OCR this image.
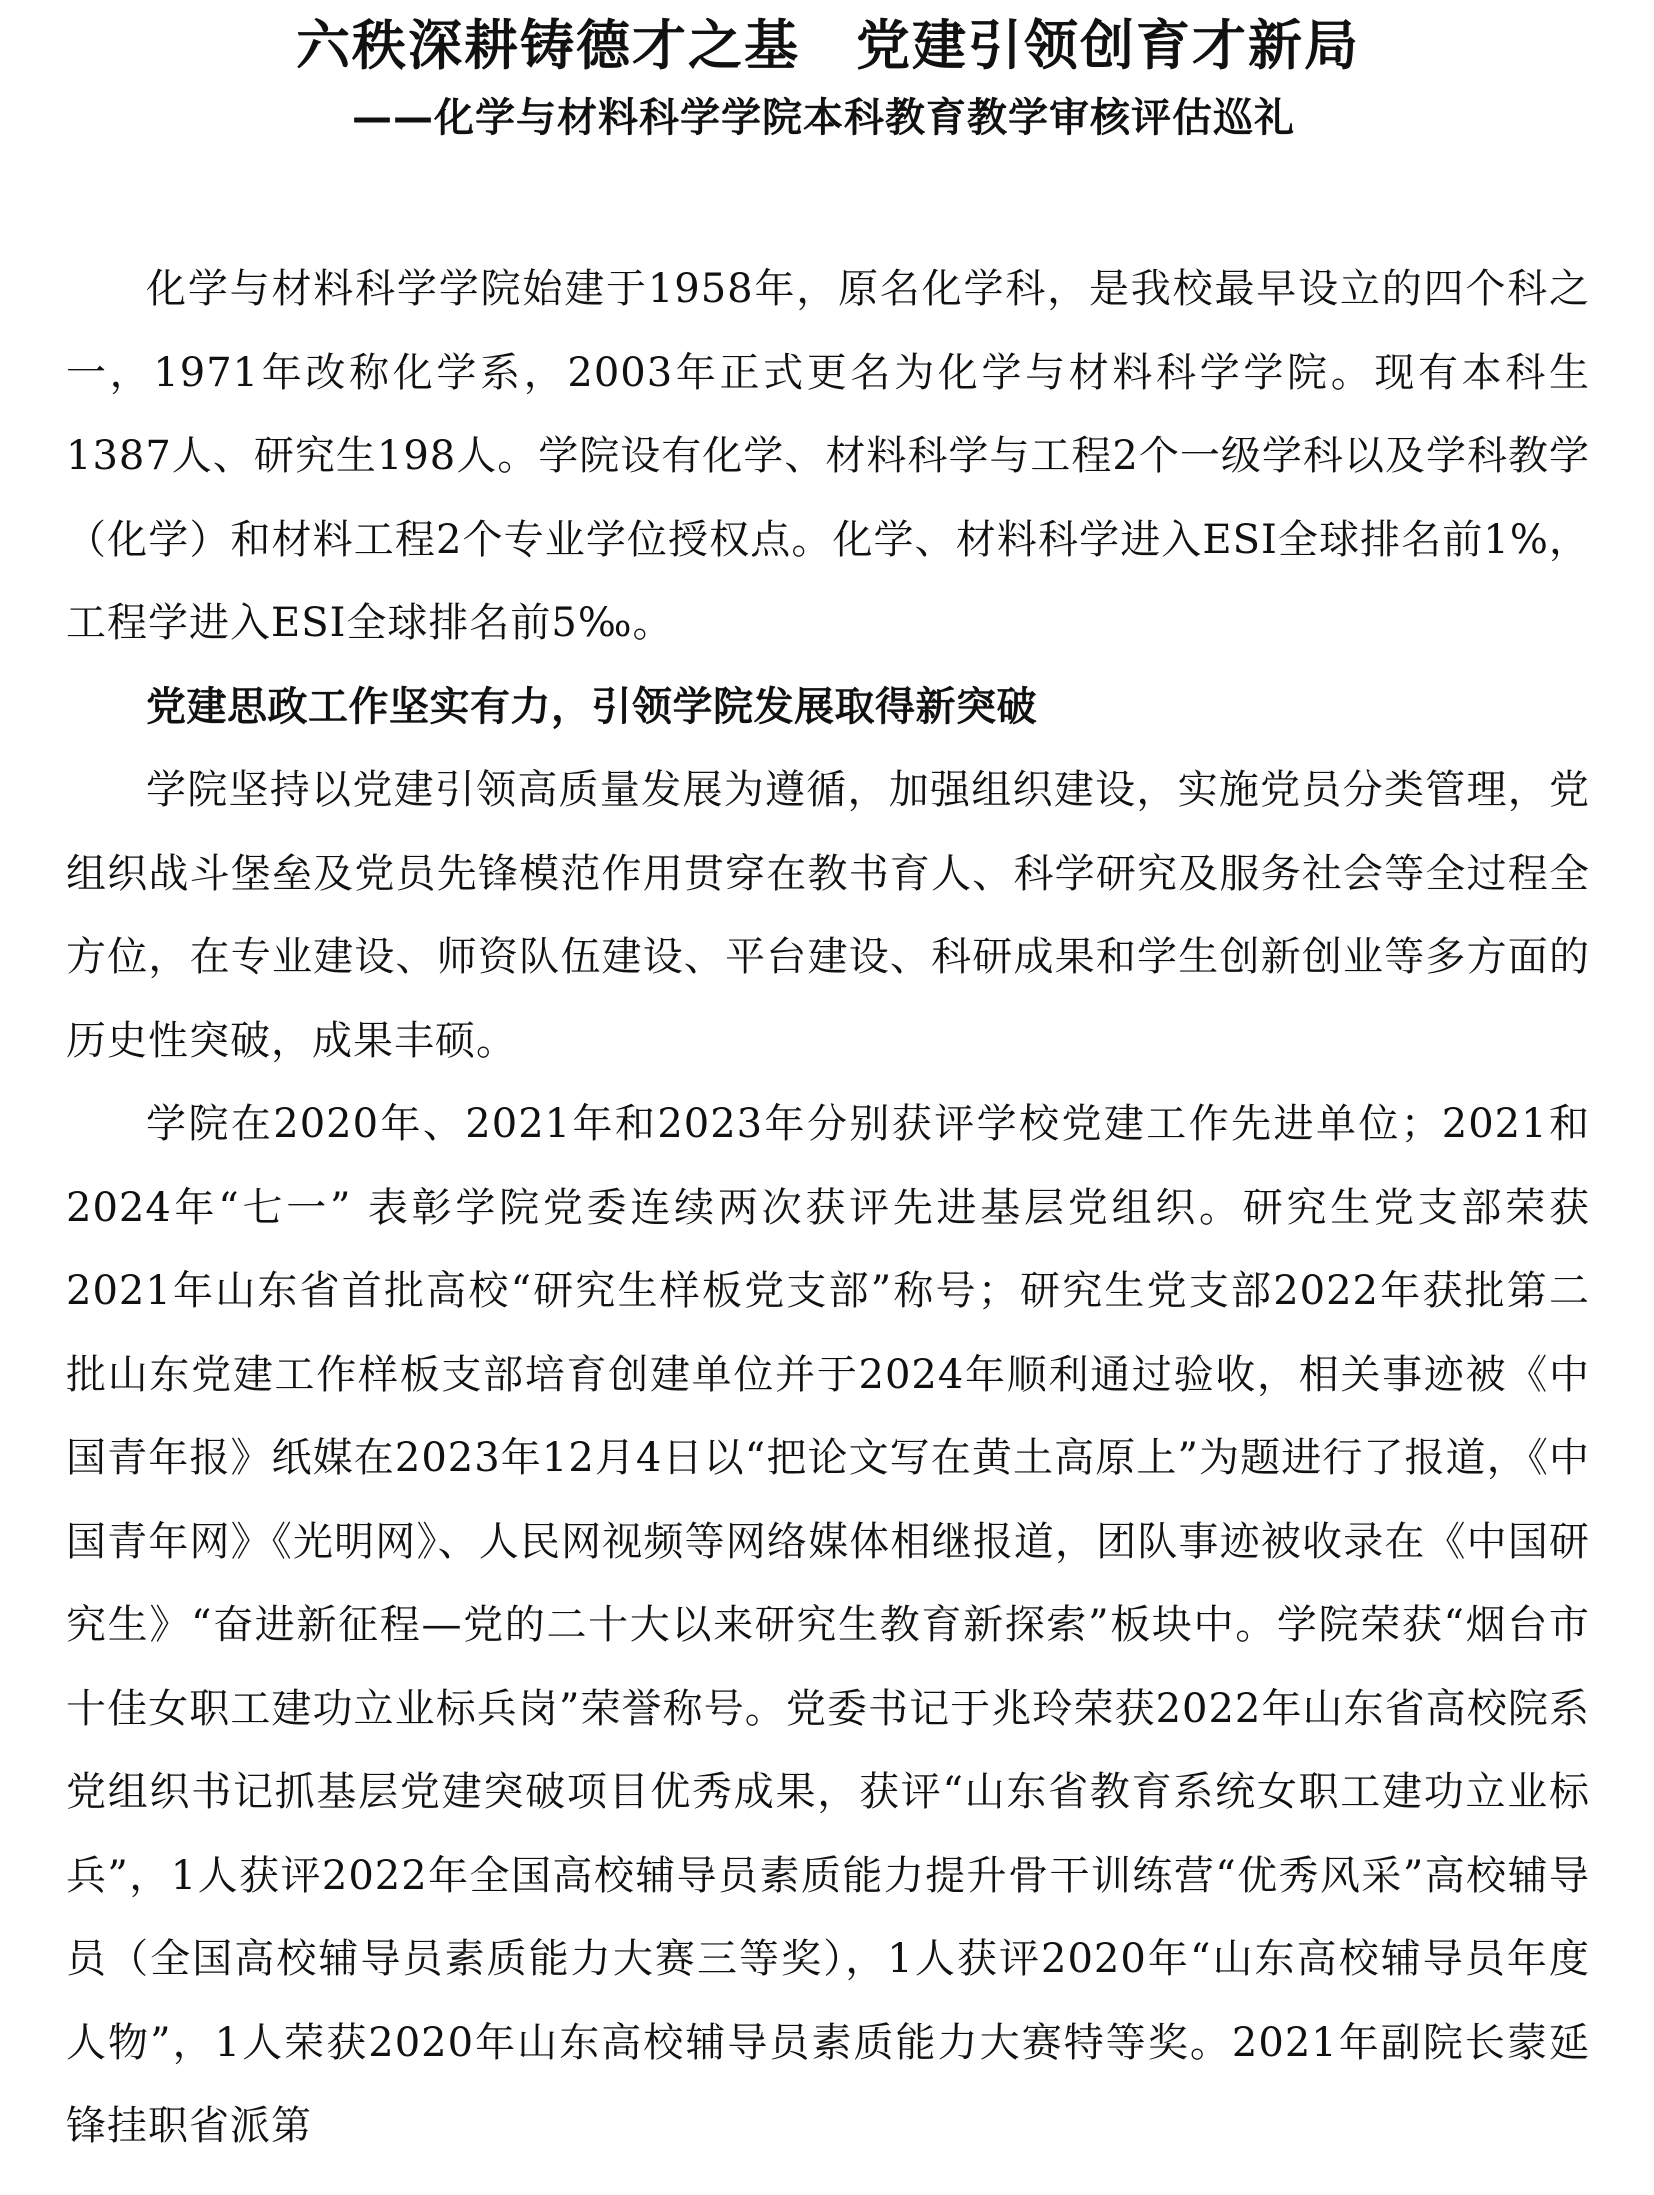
六秩深耕铸德才之基　党建引领创育才新局
——化学与材料科学学院本科教育教学审核评估巡礼

化学与材料科学学院始建于1958年，原名化学科，是我校最早设立的四个科之一，1971年改称化学系，2003年正式更名为化学与材料科学学院。现有本科生1387人、研究生198人。学院设有化学、材料科学与工程2个一级学科以及学科教学（化学）和材料工程2个专业学位授权点。化学、材料科学进入ESI全球排名前1%，工程学进入ESI全球排名前5‰。

党建思政工作坚实有力，引领学院发展取得新突破

学院坚持以党建引领高质量发展为遵循，加强组织建设，实施党员分类管理，党组织战斗堡垒及党员先锋模范作用贯穿在教书育人、科学研究及服务社会等全过程全方位，在专业建设、师资队伍建设、平台建设、科研成果和学生创新创业等多方面的历史性突破，成果丰硕。

学院在2020年、2021年和2023年分别获评学校党建工作先进单位；2021和2024年“七一” 表彰学院党委连续两次获评先进基层党组织。研究生党支部荣获2021年山东省首批高校“研究生样板党支部”称号；研究生党支部2022年获批第二批山东党建工作样板支部培育创建单位并于2024年顺利通过验收，相关事迹被《中国青年报》纸媒在2023年12月4日以“把论文写在黄土高原上”为题进行了报道，《中国青年网》《光明网》、人民网视频等网络媒体相继报道，团队事迹被收录在《中国研究生》“奋进新征程—党的二十大以来研究生教育新探索”板块中。学院荣获“烟台市十佳女职工建功立业标兵岗”荣誉称号。党委书记于兆玲荣获2022年山东省高校院系党组织书记抓基层党建突破项目优秀成果，获评“山东省教育系统女职工建功立业标兵”，1人获评2022年全国高校辅导员素质能力提升骨干训练营“优秀风采”高校辅导员（全国高校辅导员素质能力大赛三等奖），1人获评2020年“山东高校辅导员年度人物”，1人荣获2020年山东高校辅导员素质能力大赛特等奖。2021年副院长蒙延锋挂职省派第
